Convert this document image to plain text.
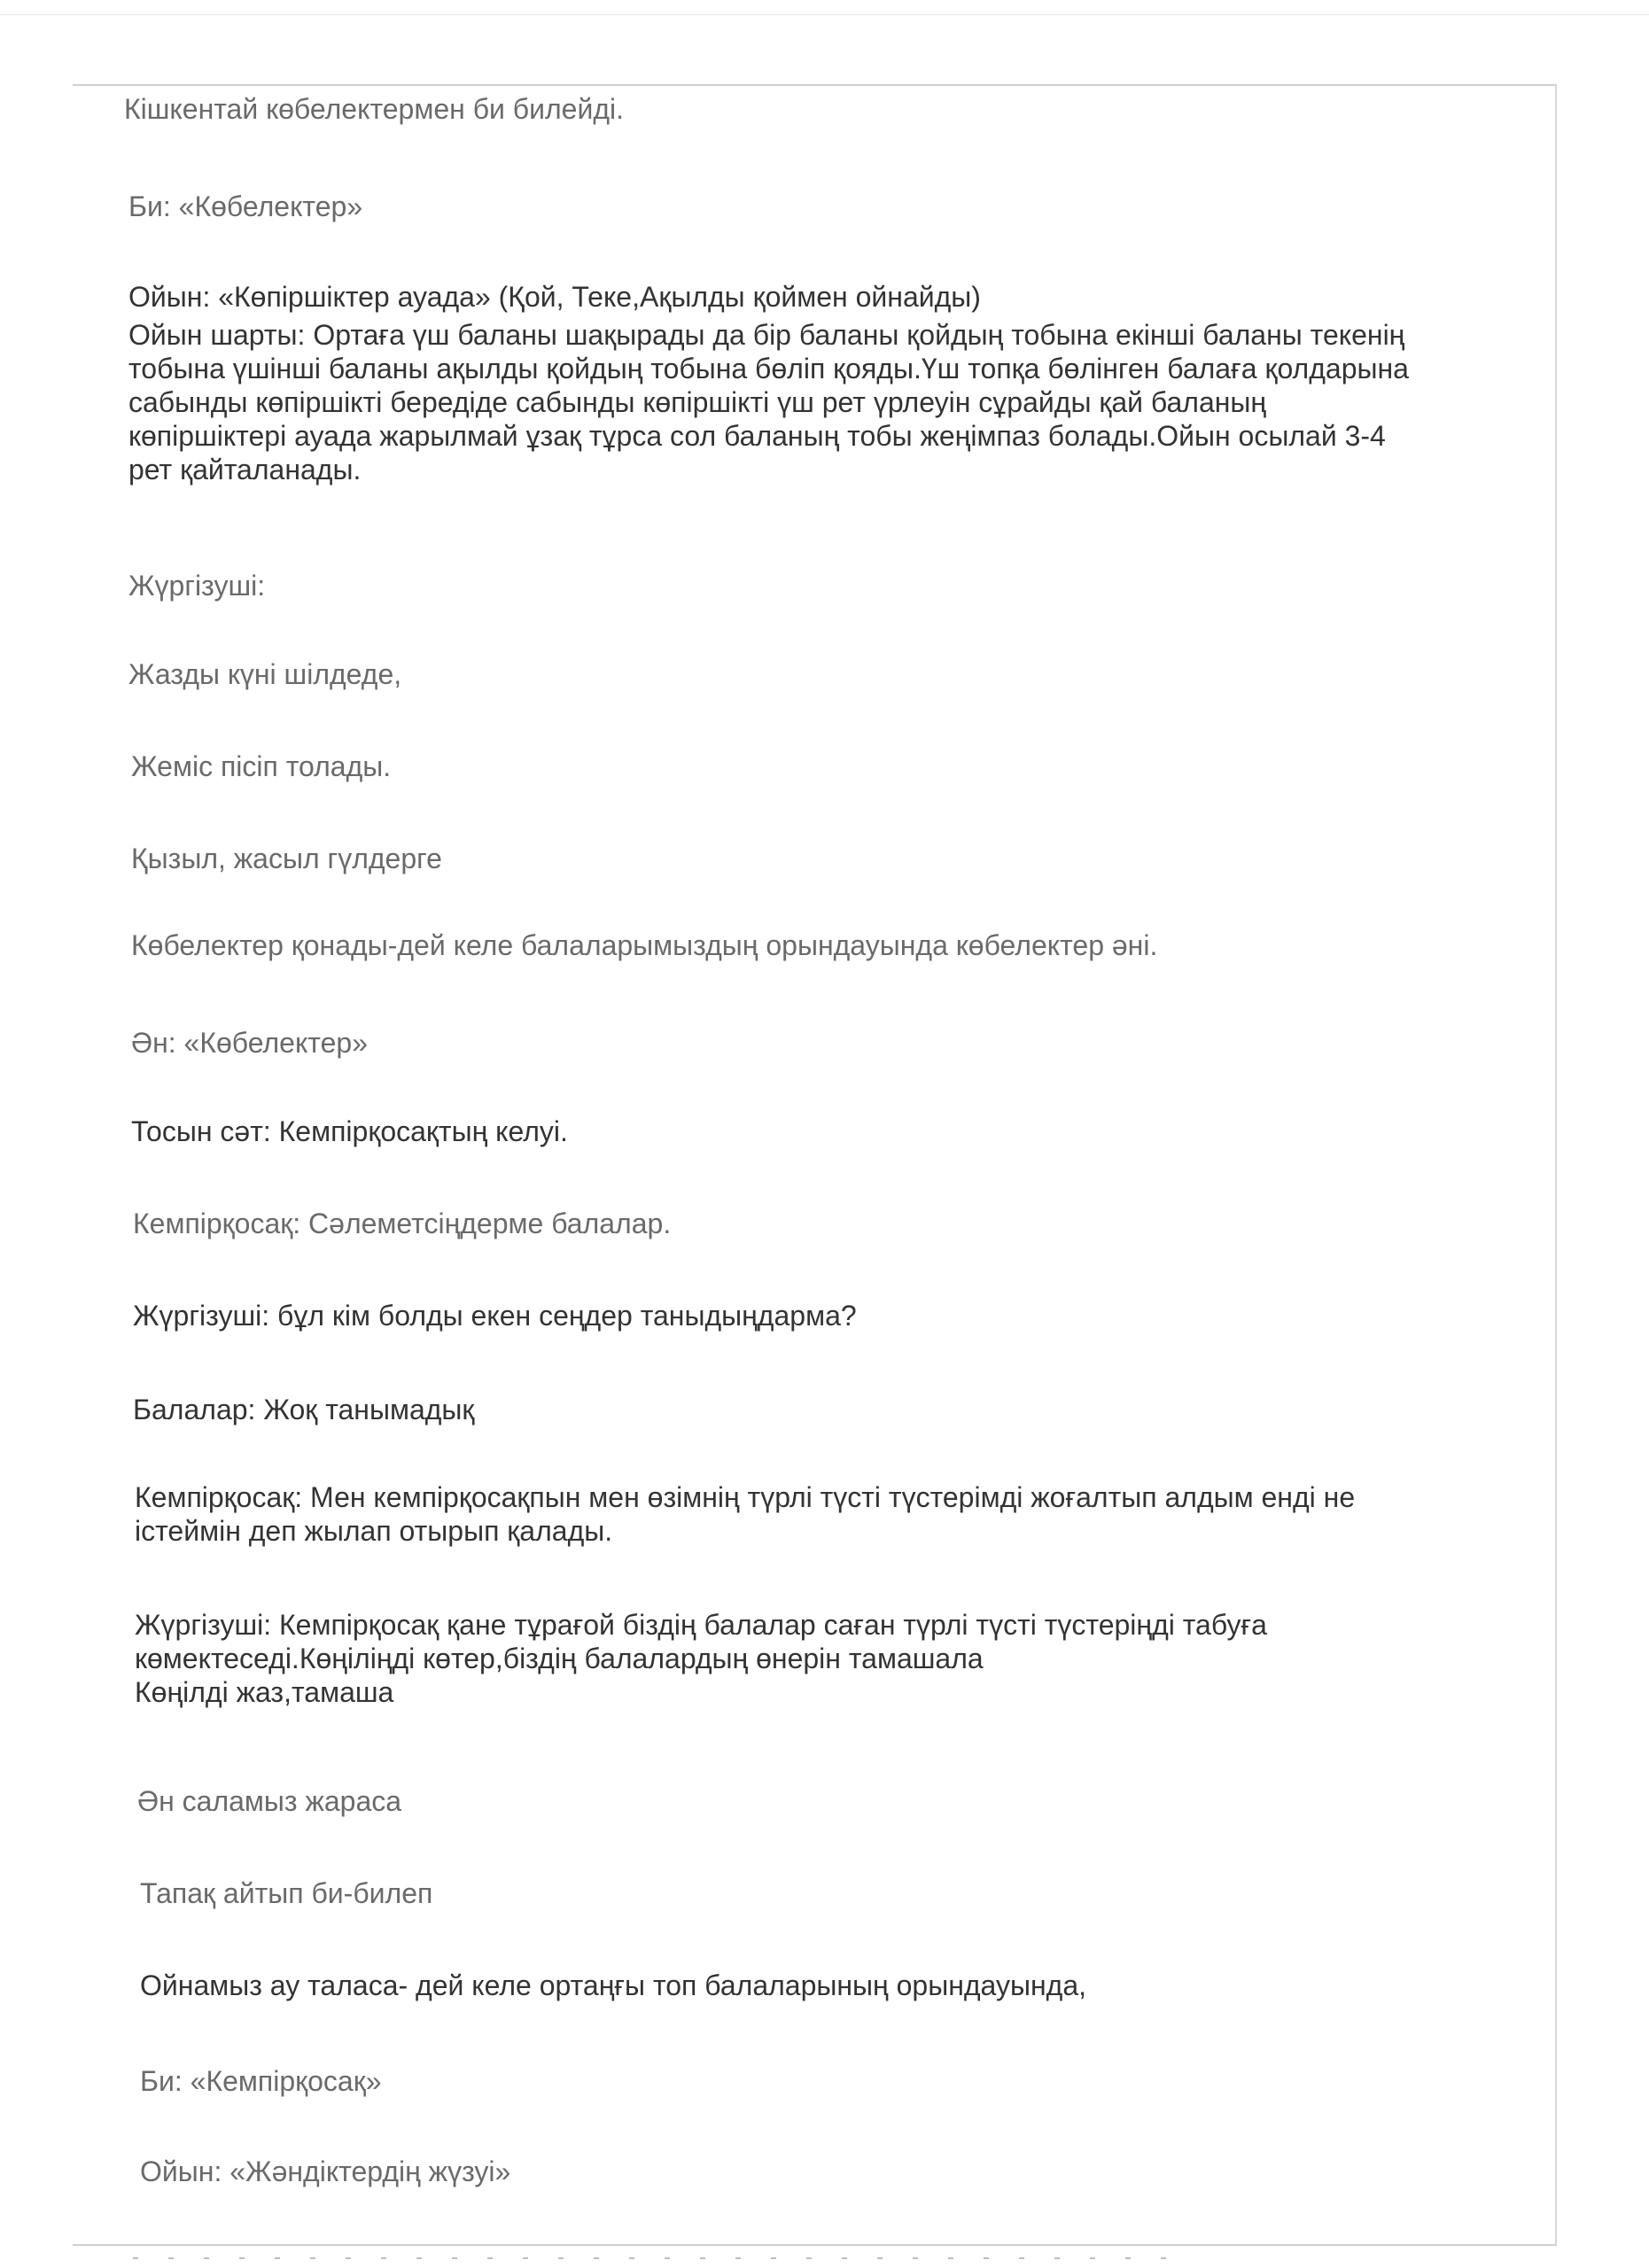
Кішкентай көбелектермен би билейді.

Би: «Көбелектер»

Ойын: «Көпіршіктер ауада» (Қой, Теке,Ақылды қоймен ойнайды)

Ойын шарты: Ортаға үш баланы шақырады да бір баланы қойдың тобына екінші баланы текенің
тобына үшінші баланы ақылды қойдың тобына бөліп қояды.Үш топқа бөлінген балаға қолдарына
сабынды көпіршікті бередіде сабынды көпіршікті үш рет үрлеуін сұрайды қай баланың
көпіршіктері ауада жарылмай ұзақ тұрса сол баланың тобы жеңімпаз болады.Ойын осылай 3-4
рет қайталанады.

Жүргізуші:

Жазды күні шілдеде,

Жеміс пісіп толады.

Қызыл, жасыл гүлдерге

Көбелектер қонады-дей келе балаларымыздың орындауында көбелектер әні.

Ән: «Көбелектер»

Тосын сәт: Кемпірқосақтың келуі.

Кемпірқосақ: Сәлеметсіңдерме балалар.

Жүргізуші: бұл кім болды екен сеңдер таныдыңдарма?

Балалар: Жоқ танымадық

Кемпірқосақ: Мен кемпірқосақпын мен өзімнің түрлі түсті түстерімді жоғалтып алдым енді не
істеймін деп жылап отырып қалады.
Жүргізуші: Кемпірқосақ қане тұрағой біздің балалар саған түрлі түсті түстеріңді табуға
көмектеседі.Көңіліңді көтер,біздің балалардың өнерін тамашала
Көңілді жаз,тамаша

Ән саламыз жараса

Тапақ айтып би-билеп

Ойнамыз ау таласа- дей келе ортаңғы топ балаларының орындауында,

Би: «Кемпірқосақ»

Ойын: «Жәндіктердің жүзуі»
